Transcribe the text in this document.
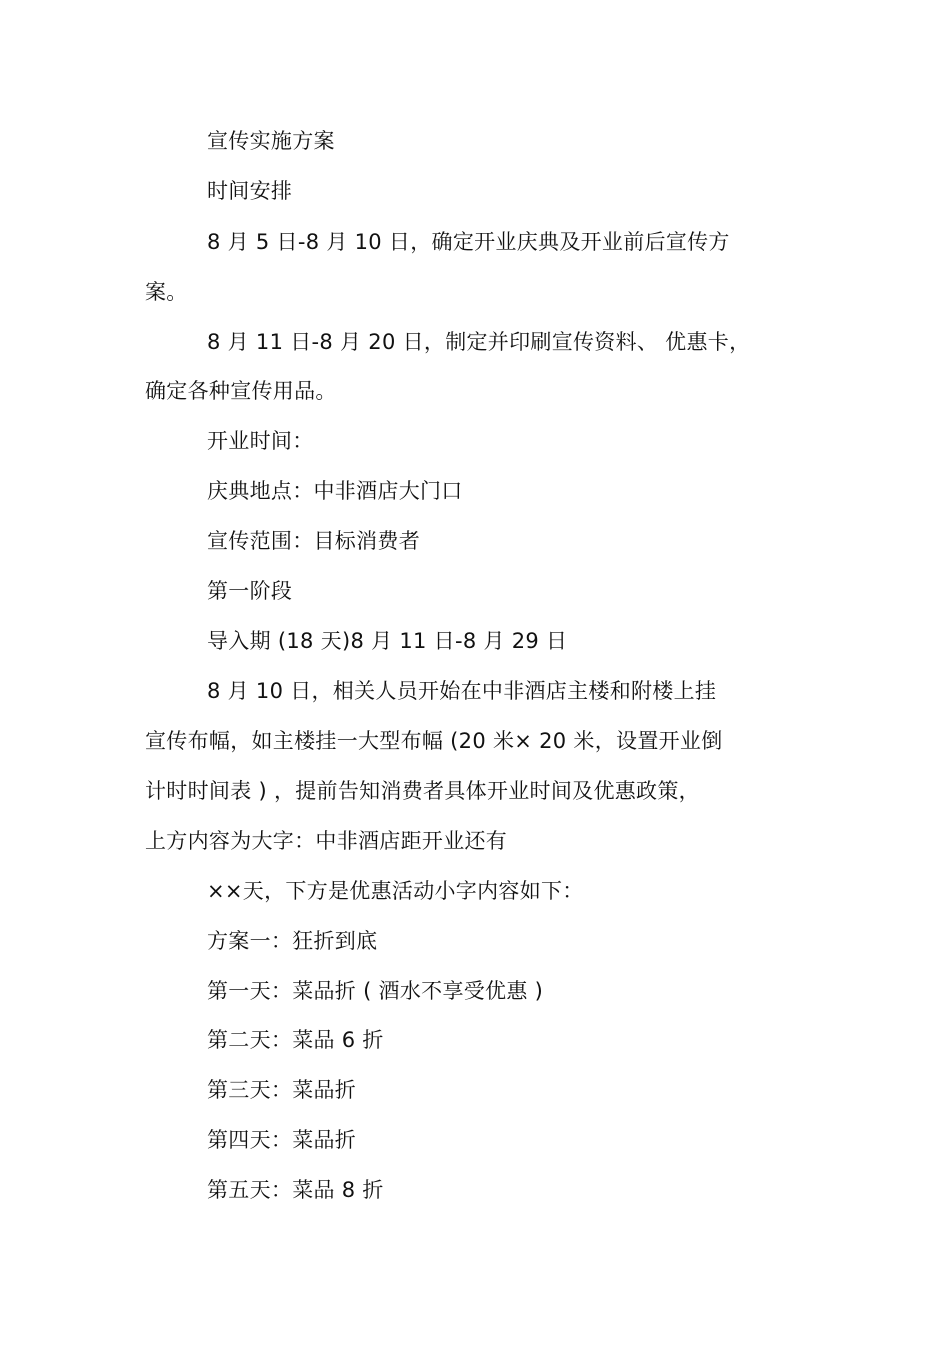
宣传实施方案
时间安排
8 月 5 日-8 月 10 日，确定开业庆典及开业前后宣传方
案。
8 月 11 日-8 月 20 日，制定并印刷宣传资料、 优惠卡，
确定各种宣传用品。
开业时间：
庆典地点：中非酒店大门口
宣传范围：目标消费者
第一阶段
导入期 (18 天)8 月 11 日-8 月 29 日
8 月 10 日，相关人员开始在中非酒店主楼和附楼上挂
宣传布幅，如主楼挂一大型布幅 (20 米× 20 米，设置开业倒
计时时间表 ) ，提前告知消费者具体开业时间及优惠政策，
上方内容为大字：中非酒店距开业还有
××天，下方是优惠活动小字内容如下：
方案一：狂折到底
第一天：菜品折 ( 酒水不享受优惠 )
第二天：菜品 6 折
第三天：菜品折
第四天：菜品折
第五天：菜品 8 折
